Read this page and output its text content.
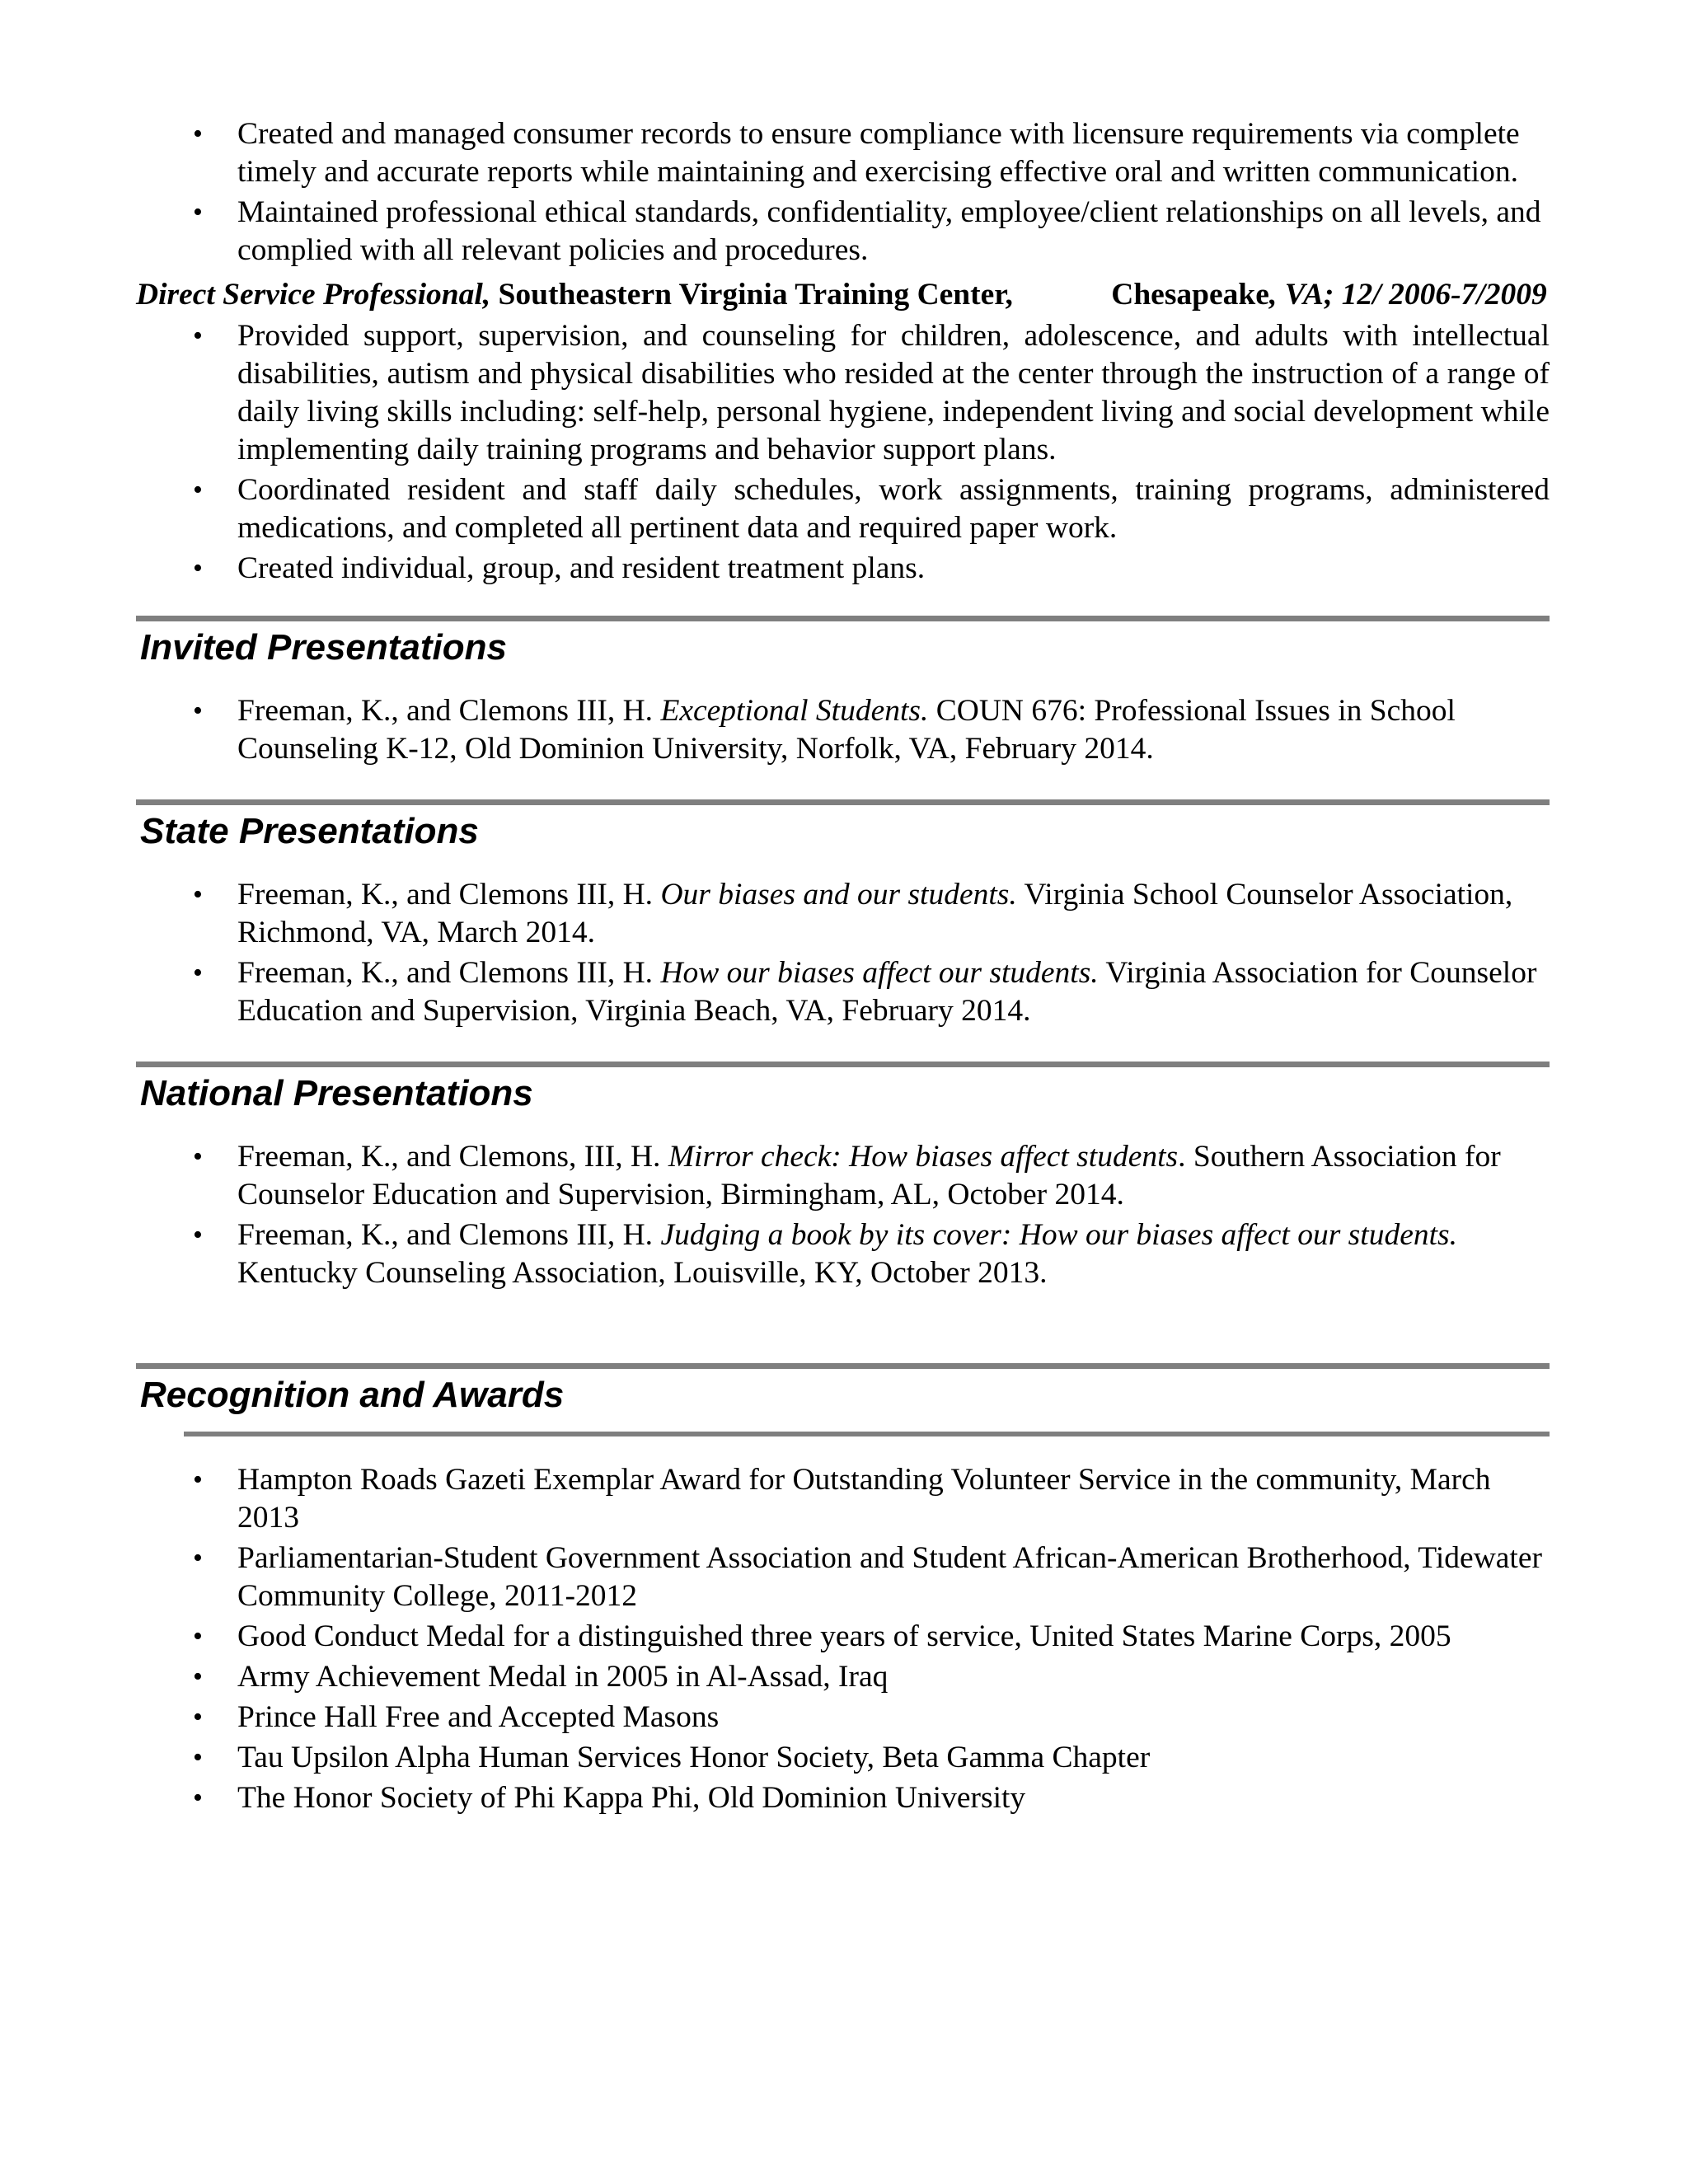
• Created and managed consumer records to ensure compliance with licensure requirements via complete timely and accurate reports while maintaining and exercising effective oral and written communication.
• Maintained professional ethical standards, confidentiality, employee/client relationships on all levels, and complied with all relevant policies and procedures.
Direct Service Professional, Southeastern Virginia Training Center,	Chesapeake, VA; 12/ 2006-7/2009
• Provided support, supervision, and counseling for children, adolescence, and adults with intellectual disabilities, autism and physical disabilities who resided at the center through the instruction of a range of daily living skills including: self-help, personal hygiene, independent living and social development while implementing daily training programs and behavior support plans.
• Coordinated resident and staff daily schedules, work assignments, training programs, administered medications, and completed all pertinent data and required paper work.
• Created individual, group, and resident treatment plans.
Invited Presentations
• Freeman, K., and Clemons III, H. Exceptional Students. COUN 676: Professional Issues in School Counseling K-12, Old Dominion University, Norfolk, VA, February 2014.
State Presentations
• Freeman, K., and Clemons III, H. Our biases and our students. Virginia School Counselor Association, Richmond, VA, March 2014.
• Freeman, K., and Clemons III, H. How our biases affect our students. Virginia Association for Counselor Education and Supervision, Virginia Beach, VA, February 2014.
National Presentations
• Freeman, K., and Clemons, III, H. Mirror check: How biases affect students. Southern Association for Counselor Education and Supervision, Birmingham, AL, October 2014.
• Freeman, K., and Clemons III, H. Judging a book by its cover: How our biases affect our students. Kentucky Counseling Association, Louisville, KY, October 2013.
Recognition and Awards
• Hampton Roads Gazeti Exemplar Award for Outstanding Volunteer Service in the community, March 2013
• Parliamentarian-Student Government Association and Student African-American Brotherhood, Tidewater Community College, 2011-2012
• Good Conduct Medal for a distinguished three years of service, United States Marine Corps, 2005
• Army Achievement Medal in 2005 in Al-Assad, Iraq
• Prince Hall Free and Accepted Masons
• Tau Upsilon Alpha Human Services Honor Society, Beta Gamma Chapter
• The Honor Society of Phi Kappa Phi, Old Dominion University
